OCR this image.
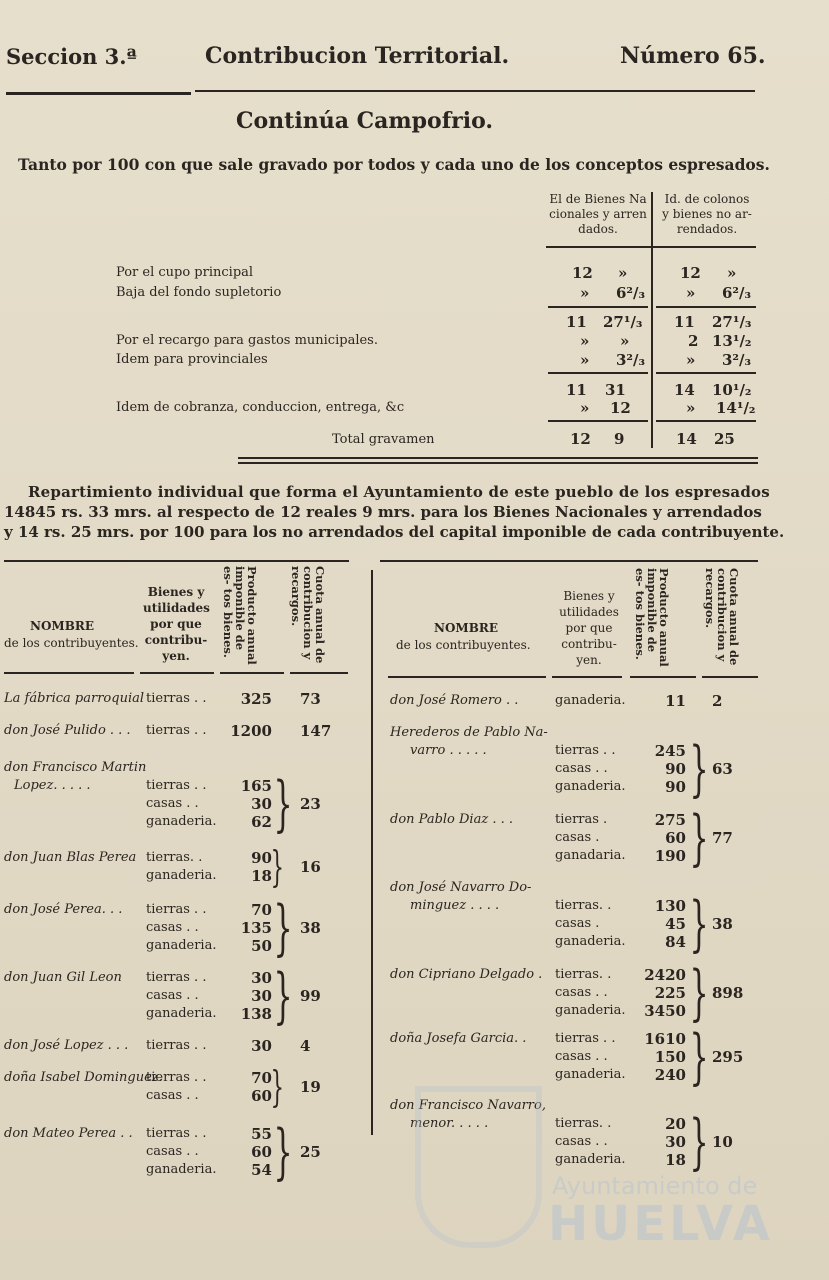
Seccion 3.ª	Contribucion Territorial.	Número 65.
Continúa Campofrio.
Tanto por 100 con que sale gravado por todos y cada uno de los conceptos espresados.
El de Bienes Na
cionales y arren
dados.
Id. de colonos
y bienes no ar-
rendados.
Por el cupo principal	12 »	12 »
Baja del fondo supletorio	» 6²/₃	» 6²/₃
11 27¹/₃ 11 27¹/₃
Por el recargo para gastos municipales.	» »	2 13¹/₂
Idem para provinciales	» 3²/₃	» 3²/₃
11 31	14 10¹/₂
Idem de cobranza, conduccion, entrega, &c	» 12	» 14¹/₂
Total gravamen	12 9	14 25
Repartimiento individual que forma el Ayuntamiento de este pueblo de los espresados
14845 rs. 33 mrs. al respecto de 12 reales 9 mrs. para los Bienes Nacionales y arrendados
y 14 rs. 25 mrs. por 100 para los no arrendados del capital imponible de cada contribuyente.
NOMBRE
de los contribuyentes.
Bienes y
utilidades
por que
contribu-
yen.	Producto anual imponible de es- tos bienes.	Cuota anual de contribucion y recargos.
NOMBRE
de los contribuyentes.
Bienes y
utilidades
por que
contribu-
yen.	Producto anual imponible de es- tos bienes.	Cuota anual de contribucion y recargos.
La fábrica parroquial tierras . . 325 73
don José Pulido . . . tierras . . 1200 147
don Francisco Martin
Lopez. . . . .	tierras . . 165
casas . .	30
ganaderia. 62 } 23
don Juan Blas Perea tierras. .	90
ganaderia. 18
} 16
don José Perea. . . tierras . .	70
casas . .	135
ganaderia. 50 } 38
don Juan Gil Leon tierras . .	30
casas . .	30
ganaderia. 138 } 99
don José Lopez . . . tierras . .	30 4
doña Isabel Dominguez.
tierras . .	70
casas . .	60
} 19
don Mateo Perea . . tierras . .	55
casas . .	60
ganaderia. 54 } 25
don José Romero . .	ganaderia.	11 2
Herederos de Pablo Na-
varro . . . . .	tierras . .	245
casas . .	90
ganaderia.	90 } 63
don Pablo Diaz . . .	tierras .	275
casas .	60
ganadaria. 190 } 77
don José Navarro Do-
minguez . . . .	tierras. .	130
casas .	45
ganaderia.	84 } 38
don Cipriano Delgado . tierras. . 2420
casas . .	225
ganaderia. 3450 } 898
doña Josefa Garcia. . tierras . . 1610
casas . .	150
ganaderia. 240 } 295
don Francisco Navarro,
menor. . . . .	tierras. .	20
casas . .	30
ganaderia.	18 } 10
Ayuntamiento de
HUELVA
